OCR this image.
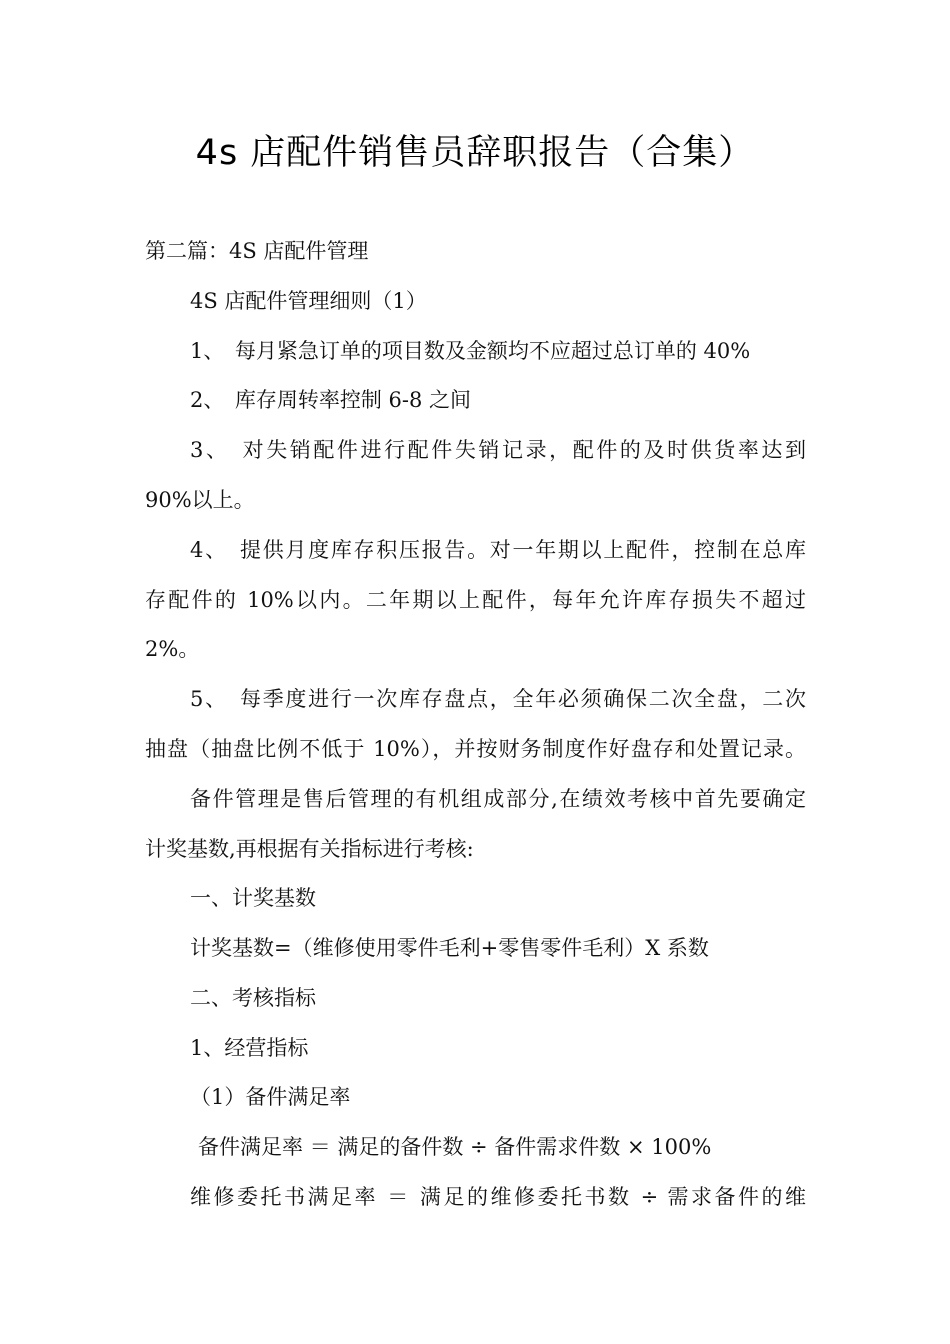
4s 店配件销售员辞职报告（合集）
第二篇：4S 店配件管理
4S 店配件管理细则（1）
1、　每月紧急订单的项目数及金额均不应超过总订单的 40%
2、　库存周转率控制 6-8 之间
3、　对失销配件进行配件失销记录，配件的及时供货率达到
90%以上。
4、　提供月度库存积压报告。对一年期以上配件，控制在总库
存配件的 10%以内。二年期以上配件，每年允许库存损失不超过
2%。
5、　每季度进行一次库存盘点，全年必须确保二次全盘，二次
抽盘（抽盘比例不低于 10%），并按财务制度作好盘存和处置记录。
备件管理是售后管理的有机组成部分,在绩效考核中首先要确定
计奖基数,再根据有关指标进行考核:
一、计奖基数
计奖基数=（维修使用零件毛利+零售零件毛利）X 系数
二、考核指标
1、经营指标
（1）备件满足率
备件满足率 ＝ 满足的备件数 ÷ 备件需求件数 × 100%
维修委托书满足率 ＝ 满足的维修委托书数 ÷ 需求备件的维
